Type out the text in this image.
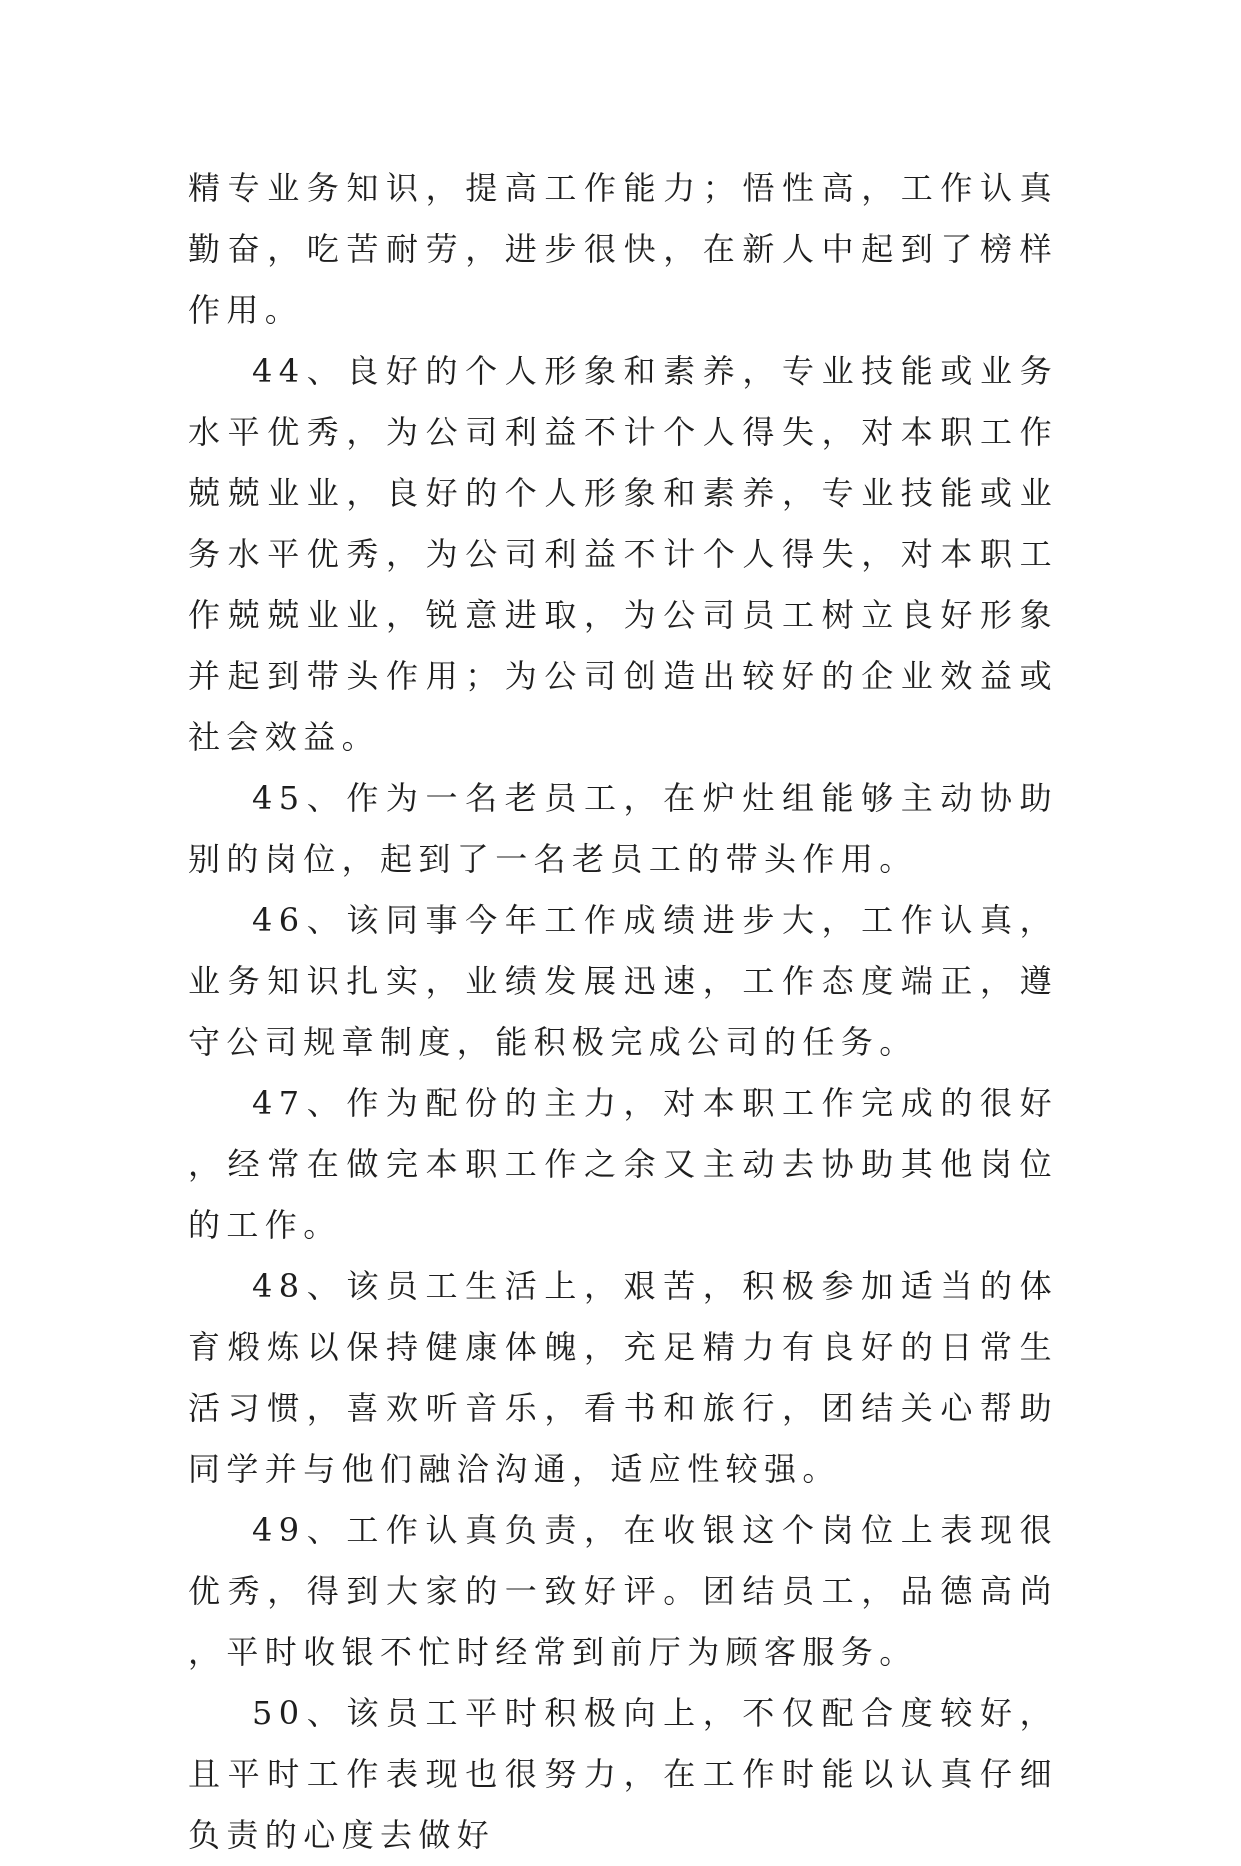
精专业务知识，提高工作能力；悟性高，工作认真勤奋，吃苦耐劳，进步很快，在新人中起到了榜样作用。

44、良好的个人形象和素养，专业技能或业务水平优秀，为公司利益不计个人得失，对本职工作兢兢业业，良好的个人形象和素养，专业技能或业务水平优秀，为公司利益不计个人得失，对本职工作兢兢业业，锐意进取，为公司员工树立良好形象并起到带头作用；为公司创造出较好的企业效益或社会效益。

45、作为一名老员工，在炉灶组能够主动协助别的岗位，起到了一名老员工的带头作用。

46、该同事今年工作成绩进步大，工作认真，业务知识扎实，业绩发展迅速，工作态度端正，遵守公司规章制度，能积极完成公司的任务。

47、作为配份的主力，对本职工作完成的很好，经常在做完本职工作之余又主动去协助其他岗位的工作。

48、该员工生活上，艰苦，积极参加适当的体育煅炼以保持健康体魄，充足精力有良好的日常生活习惯，喜欢听音乐，看书和旅行，团结关心帮助同学并与他们融洽沟通，适应性较强。

49、工作认真负责，在收银这个岗位上表现很优秀，得到大家的一致好评。团结员工，品德高尚，平时收银不忙时经常到前厅为顾客服务。

50、该员工平时积极向上，不仅配合度较好，且平时工作表现也很努力，在工作时能以认真仔细负责的心度去做好
